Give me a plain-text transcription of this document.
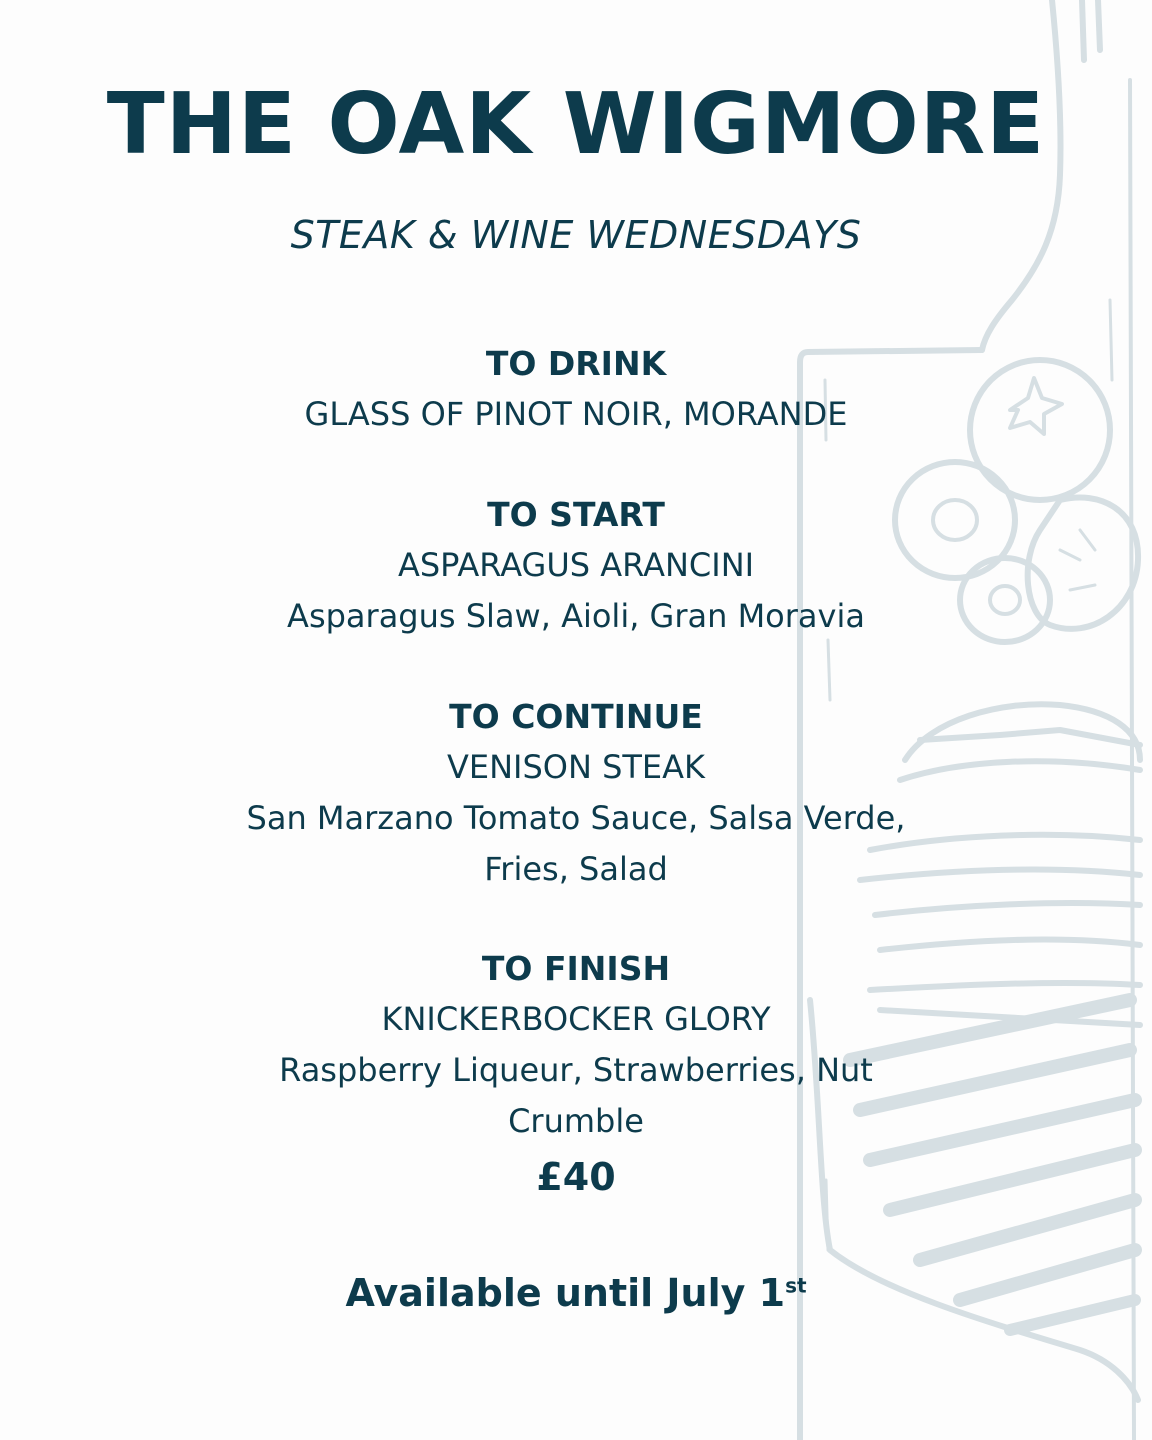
THE OAK WIGMORE
STEAK & WINE WEDNESDAYS
TO DRINK
GLASS OF PINOT NOIR, MORANDE
TO START
ASPARAGUS ARANCINI
Asparagus Slaw, Aioli, Gran Moravia
TO CONTINUE
VENISON STEAK
San Marzano Tomato Sauce, Salsa Verde,
Fries, Salad
TO FINISH
KNICKERBOCKER GLORY
Raspberry Liqueur, Strawberries, Nut
Crumble
£40
Available until July 1st
